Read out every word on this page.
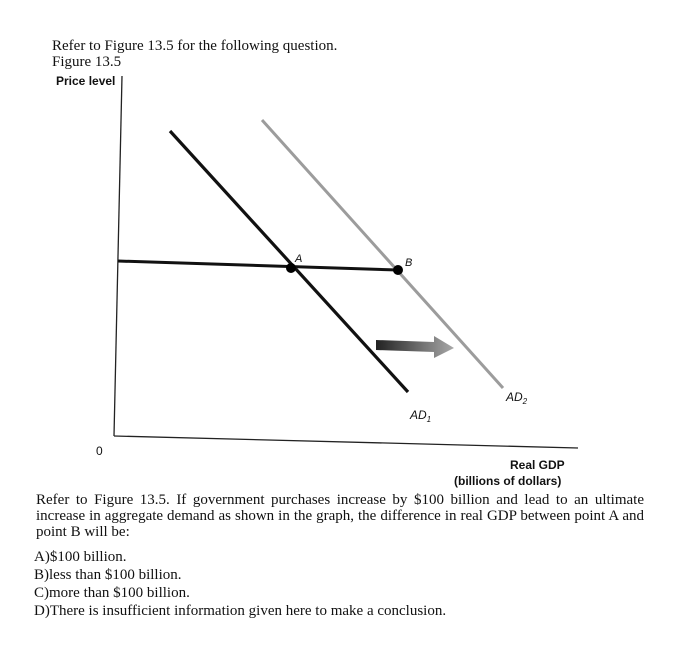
Refer to Figure 13.5 for the following question.
Figure 13.5
Price level
0
Real GDP
(billions of dollars)
A	B
$AD_1$
$AD_2$
Refer to Figure 13.5. If government purchases increase by $100 billion and lead to an ultimate increase in aggregate demand as shown in the graph, the difference in real GDP between point A and point B will be:
A)$100 billion.
B)less than $100 billion.
C)more than $100 billion.
D)There is insufficient information given here to make a conclusion.
